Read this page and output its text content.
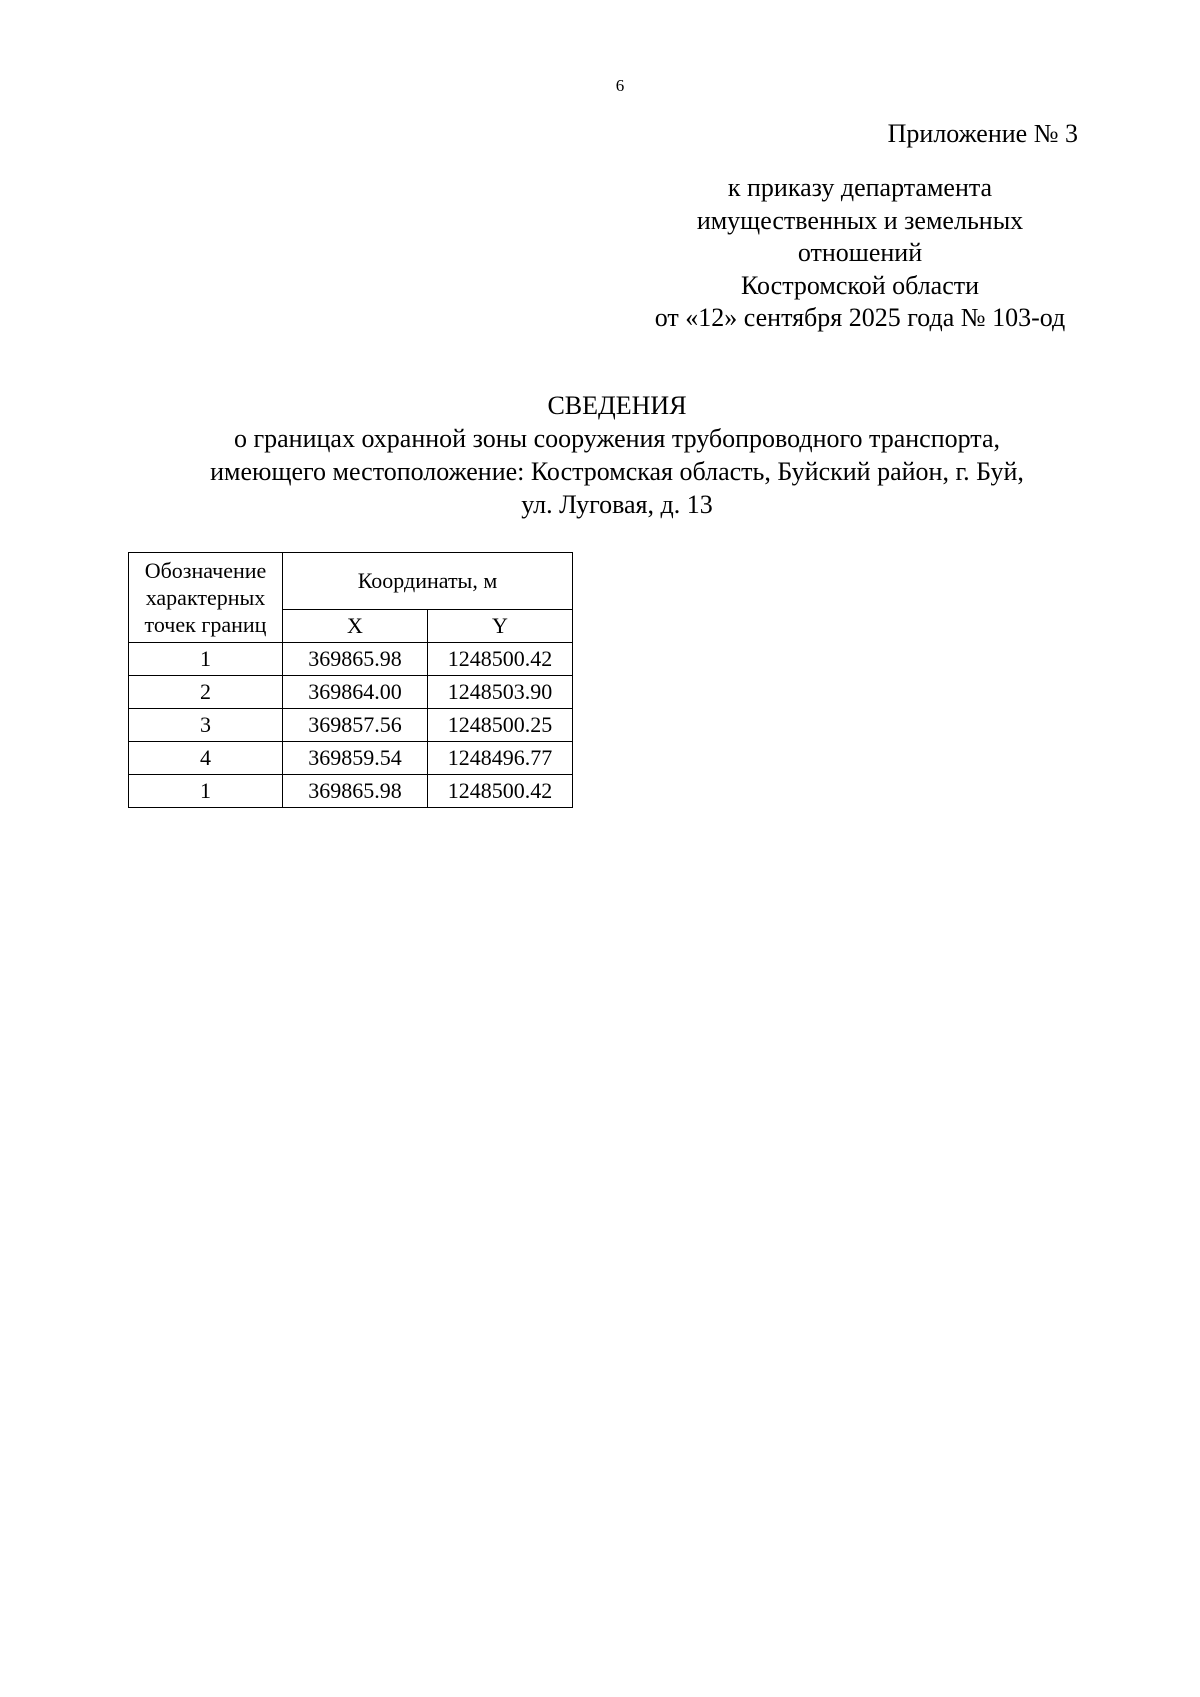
6
Приложение № 3
к приказу департамента
имущественных и земельных
отношений
Костромской области
от «12» сентября 2025 года № 103-од
СВЕДЕНИЯ
о границах охранной зоны сооружения трубопроводного транспорта,
имеющего местоположение: Костромская область, Буйский район, г. Буй,
ул. Луговая, д. 13
Обозначение
характерных
точек границ	Координаты, м	
	X	Y
1	369865.98	1248500.42
2	369864.00	1248503.90
3	369857.56	1248500.25
4	369859.54	1248496.77
1	369865.98	1248500.42
